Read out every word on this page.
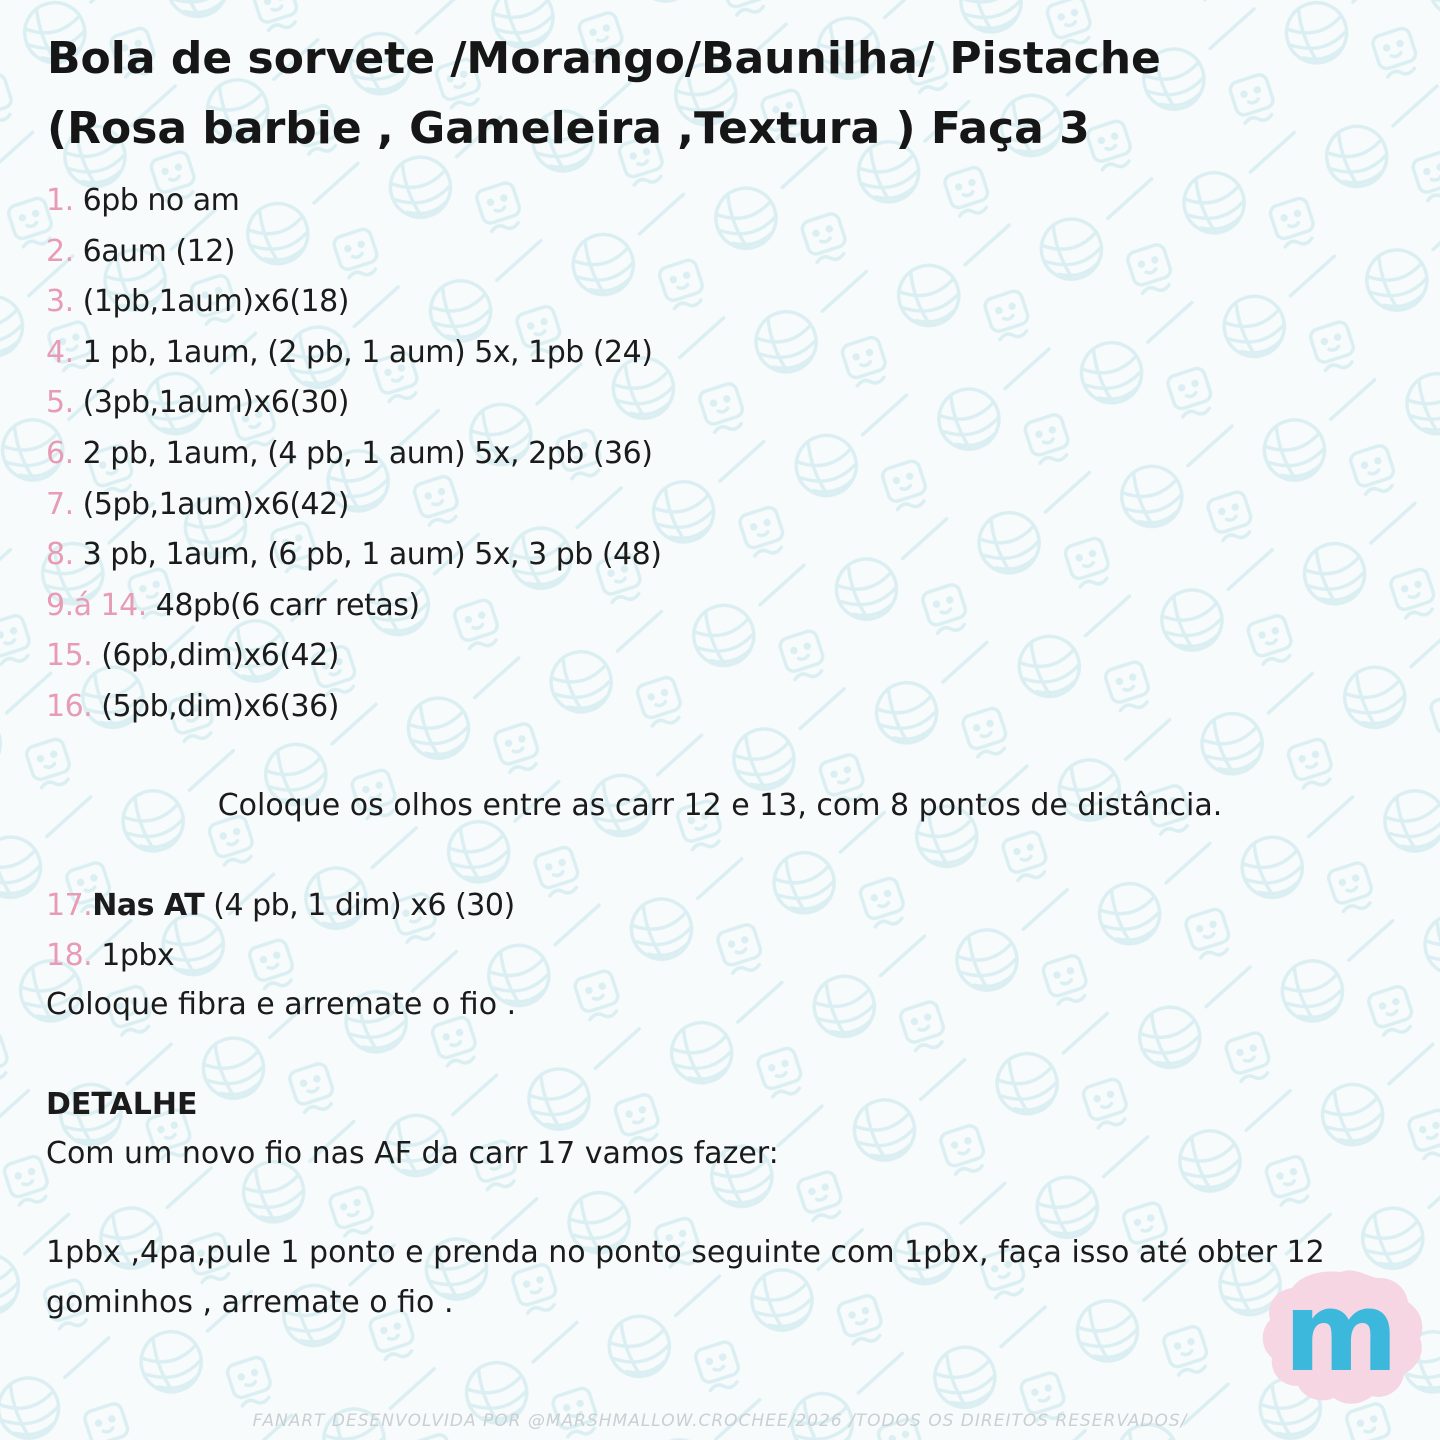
Bola de sorvete /Morango/Baunilha/ Pistache
(Rosa barbie , Gameleira ,Textura ) Faça 3
1. 6pb no am
2. 6aum (12)
3. (1pb,1aum)x6(18)
4. 1 pb, 1aum, (2 pb, 1 aum) 5x, 1pb (24)
5. (3pb,1aum)x6(30)
6. 2 pb, 1aum, (4 pb, 1 aum) 5x, 2pb (36)
7. (5pb,1aum)x6(42)
8. 3 pb, 1aum, (6 pb, 1 aum) 5x, 3 pb (48)
9.á 14. 48pb(6 carr retas)
15. (6pb,dim)x6(42)
16. (5pb,dim)x6(36)
Coloque os olhos entre as carr 12 e 13, com 8 pontos de distância.
17.Nas AT (4 pb, 1 dim) x6 (30)
18. 1pbx
Coloque fibra e arremate o fio .
DETALHE
Com um novo fio nas AF da carr 17 vamos fazer:
1pbx ,4pa,pule 1 ponto e prenda no ponto seguinte com 1pbx, faça isso até obter 12 gominhos , arremate o fio .	m
FANART DESENVOLVIDA POR @MARSHMALLOW.CROCHEE/2026 /TODOS OS DIREITOS RESERVADOS/
